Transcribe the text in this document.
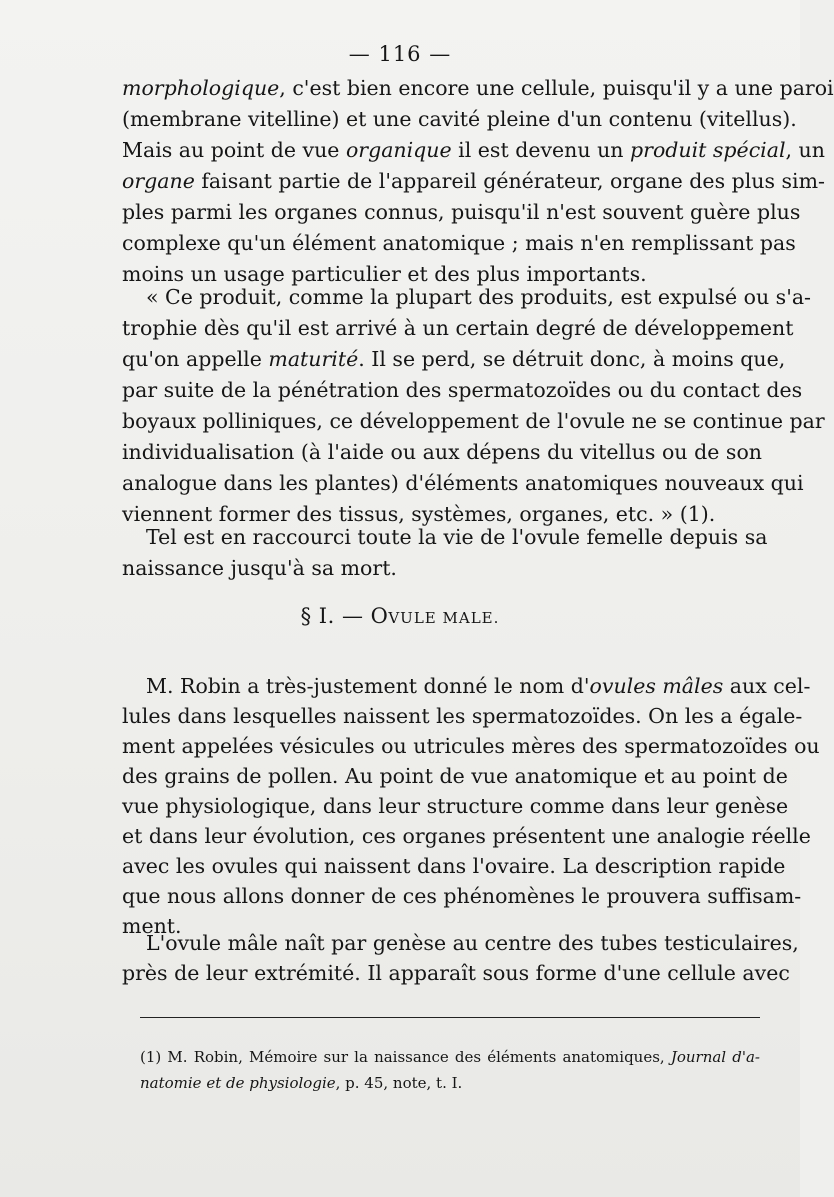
— 116 —
morphologique, c'est bien encore une cellule, puisqu'il y a une paroi
(membrane vitelline) et une cavité pleine d'un contenu (vitellus).
Mais au point de vue organique il est devenu un produit spécial, un
organe faisant partie de l'appareil générateur, organe des plus sim-
ples parmi les organes connus, puisqu'il n'est souvent guère plus
complexe qu'un élément anatomique ; mais n'en remplissant pas
moins un usage particulier et des plus importants.
« Ce produit, comme la plupart des produits, est expulsé ou s'a-
trophie dès qu'il est arrivé à un certain degré de développement
qu'on appelle maturité. Il se perd, se détruit donc, à moins que,
par suite de la pénétration des spermatozoïdes ou du contact des
boyaux polliniques, ce développement de l'ovule ne se continue par
individualisation (à l'aide ou aux dépens du vitellus ou de son
analogue dans les plantes) d'éléments anatomiques nouveaux qui
viennent former des tissus, systèmes, organes, etc. » (1).
Tel est en raccourci toute la vie de l'ovule femelle depuis sa
naissance jusqu'à sa mort.
§ I. — OVULE MALE.
M. Robin a très-justement donné le nom d'ovules mâles aux cel-
lules dans lesquelles naissent les spermatozoïdes. On les a égale-
ment appelées vésicules ou utricules mères des spermatozoïdes ou
des grains de pollen. Au point de vue anatomique et au point de
vue physiologique, dans leur structure comme dans leur genèse
et dans leur évolution, ces organes présentent une analogie réelle
avec les ovules qui naissent dans l'ovaire. La description rapide
que nous allons donner de ces phénomènes le prouvera suffisam-
ment.
L'ovule mâle naît par genèse au centre des tubes testiculaires,
près de leur extrémité. Il apparaît sous forme d'une cellule avec
(1) M. Robin, Mémoire sur la naissance des éléments anatomiques, Journal d'a-
natomie et de physiologie, p. 45, note, t. I.
